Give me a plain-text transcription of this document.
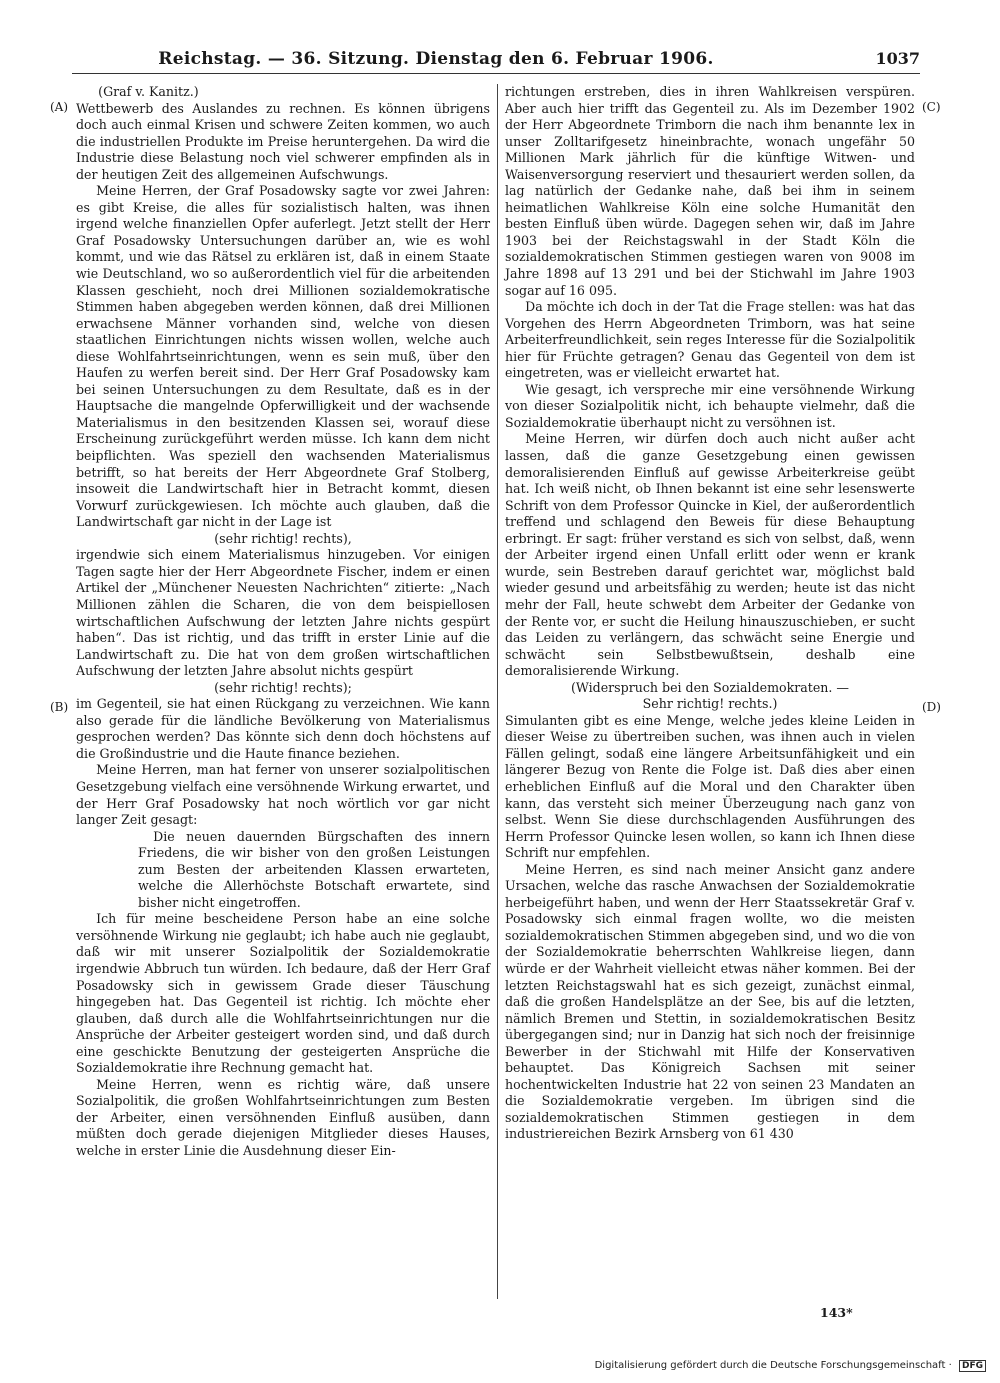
Reichstag. — 36. Sitzung. Dienstag den 6. Februar 1906.	1037
(A)
(B)
(C)
(D)

(Graf v. Kanitz.)

Wettbewerb des Auslandes zu rechnen. Es können übrigens doch auch einmal Krisen und schwere Zeiten kommen, wo auch die industriellen Produkte im Preise heruntergehen. Da wird die Industrie diese Belastung noch viel schwerer empfinden als in der heutigen Zeit des allgemeinen Aufschwungs.

Meine Herren, der Graf Posadowsky sagte vor zwei Jahren: es gibt Kreise, die alles für sozialistisch halten, was ihnen irgend welche finanziellen Opfer auferlegt. Jetzt stellt der Herr Graf Posadowsky Untersuchungen darüber an, wie es wohl kommt, und wie das Rätsel zu erklären ist, daß in einem Staate wie Deutschland, wo so außerordentlich viel für die arbeitenden Klassen geschieht, noch drei Millionen sozialdemokratische Stimmen haben abgegeben werden können, daß drei Millionen erwachsene Männer vorhanden sind, welche von diesen staatlichen Einrichtungen nichts wissen wollen, welche auch diese Wohlfahrtseinrichtungen, wenn es sein muß, über den Haufen zu werfen bereit sind. Der Herr Graf Posadowsky kam bei seinen Untersuchungen zu dem Resultate, daß es in der Hauptsache die mangelnde Opferwilligkeit und der wachsende Materialismus in den besitzenden Klassen sei, worauf diese Erscheinung zurückgeführt werden müsse. Ich kann dem nicht beipflichten. Was speziell den wachsenden Materialismus betrifft, so hat bereits der Herr Abgeordnete Graf Stolberg, insoweit die Landwirtschaft hier in Betracht kommt, diesen Vorwurf zurückgewiesen. Ich möchte auch glauben, daß die Landwirtschaft gar nicht in der Lage ist

(sehr richtig! rechts),

irgendwie sich einem Materialismus hinzugeben. Vor einigen Tagen sagte hier der Herr Abgeordnete Fischer, indem er einen Artikel der „Münchener Neuesten Nachrichten“ zitierte: „Nach Millionen zählen die Scharen, die von dem beispiellosen wirtschaftlichen Aufschwung der letzten Jahre nichts gespürt haben“. Das ist richtig, und das trifft in erster Linie auf die Landwirtschaft zu. Die hat von dem großen wirtschaftlichen Aufschwung der letzten Jahre absolut nichts gespürt

(sehr richtig! rechts);

im Gegenteil, sie hat einen Rückgang zu verzeichnen. Wie kann also gerade für die ländliche Bevölkerung von Materialismus gesprochen werden? Das könnte sich denn doch höchstens auf die Großindustrie und die Haute finance beziehen.

Meine Herren, man hat ferner von unserer sozialpolitischen Gesetzgebung vielfach eine versöhnende Wirkung erwartet, und der Herr Graf Posadowsky hat noch wörtlich vor gar nicht langer Zeit gesagt:

Die neuen dauernden Bürgschaften des innern Friedens, die wir bisher von den großen Leistungen zum Besten der arbeitenden Klassen erwarteten, welche die Allerhöchste Botschaft erwartete, sind bisher nicht eingetroffen.

Ich für meine bescheidene Person habe an eine solche versöhnende Wirkung nie geglaubt; ich habe auch nie geglaubt, daß wir mit unserer Sozialpolitik der Sozialdemokratie irgendwie Abbruch tun würden. Ich bedaure, daß der Herr Graf Posadowsky sich in gewissem Grade dieser Täuschung hingegeben hat. Das Gegenteil ist richtig. Ich möchte eher glauben, daß durch alle die Wohlfahrtseinrichtungen nur die Ansprüche der Arbeiter gesteigert worden sind, und daß durch eine geschickte Benutzung der gesteigerten Ansprüche die Sozialdemokratie ihre Rechnung gemacht hat.

Meine Herren, wenn es richtig wäre, daß unsere Sozialpolitik, die großen Wohlfahrtseinrichtungen zum Besten der Arbeiter, einen versöhnenden Einfluß ausüben, dann müßten doch gerade diejenigen Mitglieder dieses Hauses, welche in erster Linie die Ausdehnung dieser Ein-

richtungen erstreben, dies in ihren Wahlkreisen verspüren. Aber auch hier trifft das Gegenteil zu. Als im Dezember 1902 der Herr Abgeordnete Trimborn die nach ihm benannte lex in unser Zolltarifgesetz hineinbrachte, wonach ungefähr 50 Millionen Mark jährlich für die künftige Witwen- und Waisenversorgung reserviert und thesauriert werden sollen, da lag natürlich der Gedanke nahe, daß bei ihm in seinem heimatlichen Wahlkreise Köln eine solche Humanität den besten Einfluß üben würde. Dagegen sehen wir, daß im Jahre 1903 bei der Reichstagswahl in der Stadt Köln die sozialdemokratischen Stimmen gestiegen waren von 9008 im Jahre 1898 auf 13 291 und bei der Stichwahl im Jahre 1903 sogar auf 16 095.

Da möchte ich doch in der Tat die Frage stellen: was hat das Vorgehen des Herrn Abgeordneten Trimborn, was hat seine Arbeiterfreundlichkeit, sein reges Interesse für die Sozialpolitik hier für Früchte getragen? Genau das Gegenteil von dem ist eingetreten, was er vielleicht erwartet hat.

Wie gesagt, ich verspreche mir eine versöhnende Wirkung von dieser Sozialpolitik nicht, ich behaupte vielmehr, daß die Sozialdemokratie überhaupt nicht zu versöhnen ist.

Meine Herren, wir dürfen doch auch nicht außer acht lassen, daß die ganze Gesetzgebung einen gewissen demoralisierenden Einfluß auf gewisse Arbeiterkreise geübt hat. Ich weiß nicht, ob Ihnen bekannt ist eine sehr lesenswerte Schrift von dem Professor Quincke in Kiel, der außerordentlich treffend und schlagend den Beweis für diese Behauptung erbringt. Er sagt: früher verstand es sich von selbst, daß, wenn der Arbeiter irgend einen Unfall erlitt oder wenn er krank wurde, sein Bestreben darauf gerichtet war, möglichst bald wieder gesund und arbeitsfähig zu werden; heute ist das nicht mehr der Fall, heute schwebt dem Arbeiter der Gedanke von der Rente vor, er sucht die Heilung hinauszuschieben, er sucht das Leiden zu verlängern, das schwächt seine Energie und schwächt sein Selbstbewußtsein, deshalb eine demoralisierende Wirkung.

(Widerspruch bei den Sozialdemokraten. —

Sehr richtig! rechts.)

Simulanten gibt es eine Menge, welche jedes kleine Leiden in dieser Weise zu übertreiben suchen, was ihnen auch in vielen Fällen gelingt, sodaß eine längere Arbeitsunfähigkeit und ein längerer Bezug von Rente die Folge ist. Daß dies aber einen erheblichen Einfluß auf die Moral und den Charakter üben kann, das versteht sich meiner Überzeugung nach ganz von selbst. Wenn Sie diese durchschlagenden Ausführungen des Herrn Professor Quincke lesen wollen, so kann ich Ihnen diese Schrift nur empfehlen.

Meine Herren, es sind nach meiner Ansicht ganz andere Ursachen, welche das rasche Anwachsen der Sozialdemokratie herbeigeführt haben, und wenn der Herr Staatssekretär Graf v. Posadowsky sich einmal fragen wollte, wo die meisten sozialdemokratischen Stimmen abgegeben sind, und wo die von der Sozialdemokratie beherrschten Wahlkreise liegen, dann würde er der Wahrheit vielleicht etwas näher kommen. Bei der letzten Reichstagswahl hat es sich gezeigt, zunächst einmal, daß die großen Handelsplätze an der See, bis auf die letzten, nämlich Bremen und Stettin, in sozialdemokratischen Besitz übergegangen sind; nur in Danzig hat sich noch der freisinnige Bewerber in der Stichwahl mit Hilfe der Konservativen behauptet. Das Königreich Sachsen mit seiner hochentwickelten Industrie hat 22 von seinen 23 Mandaten an die Sozialdemokratie vergeben. Im übrigen sind die sozialdemokratischen Stimmen gestiegen in dem industriereichen Bezirk Arnsberg von 61 430

143*
Digitalisierung gefördert durch die Deutsche Forschungsgemeinschaft · DFG
